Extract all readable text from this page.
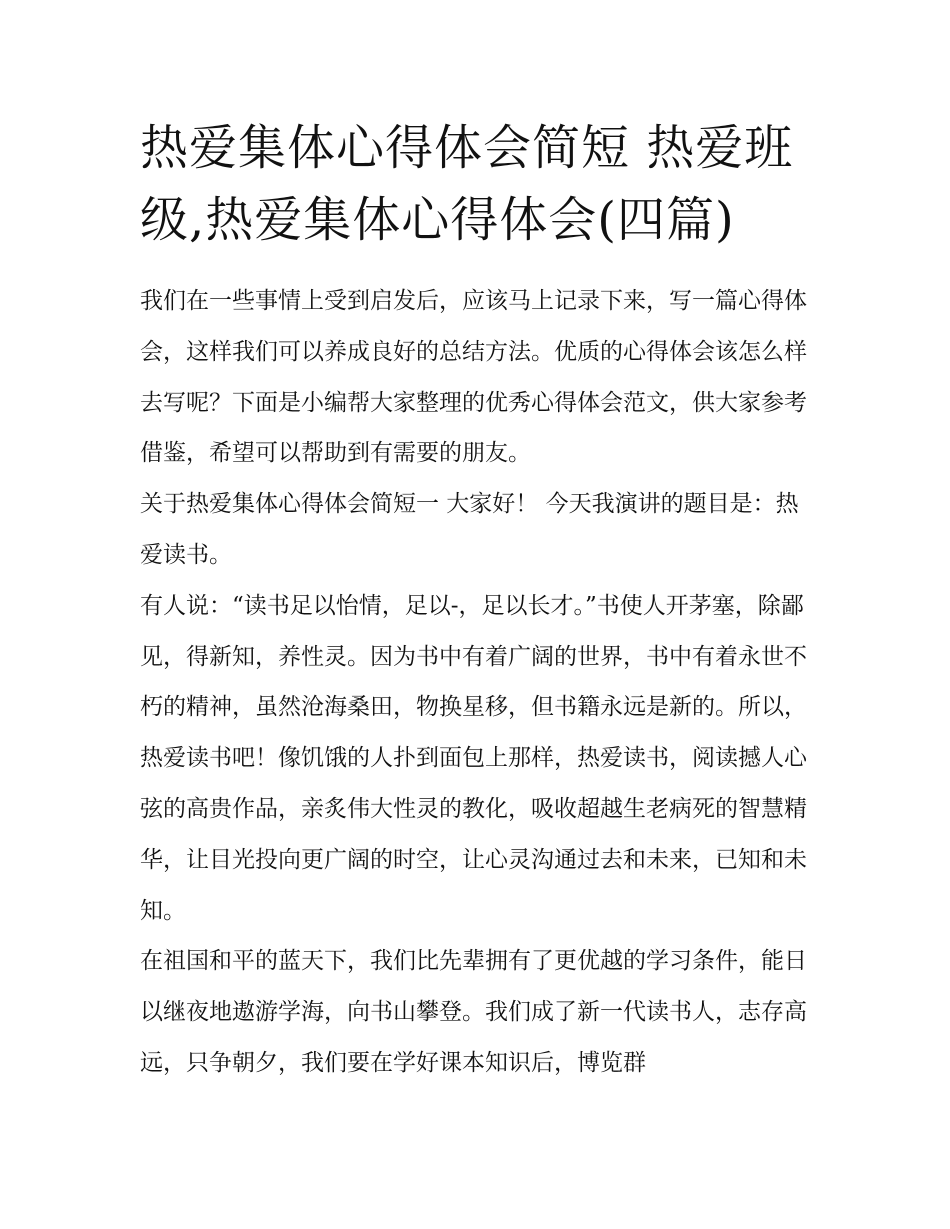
热爱集体心得体会简短 热爱班级,热爱集体心得体会(四篇)

我们在一些事情上受到启发后，应该马上记录下来，写一篇心得体会，这样我们可以养成良好的总结方法。优质的心得体会该怎么样去写呢？下面是小编帮大家整理的优秀心得体会范文，供大家参考借鉴，希望可以帮助到有需要的朋友。

关于热爱集体心得体会简短一 大家好！ 今天我演讲的题目是：热爱读书。

有人说：“读书足以怡情，足以-，足以长才。”书使人开茅塞，除鄙见，得新知，养性灵。因为书中有着广阔的世界，书中有着永世不朽的精神，虽然沧海桑田，物换星移，但书籍永远是新的。所以，热爱读书吧！像饥饿的人扑到面包上那样，热爱读书，阅读撼人心弦的高贵作品，亲炙伟大性灵的教化，吸收超越生老病死的智慧精华，让目光投向更广阔的时空，让心灵沟通过去和未来，已知和未知。

在祖国和平的蓝天下，我们比先辈拥有了更优越的学习条件，能日以继夜地遨游学海，向书山攀登。我们成了新一代读书人，志存高远，只争朝夕，我们要在学好课本知识后，博览群
